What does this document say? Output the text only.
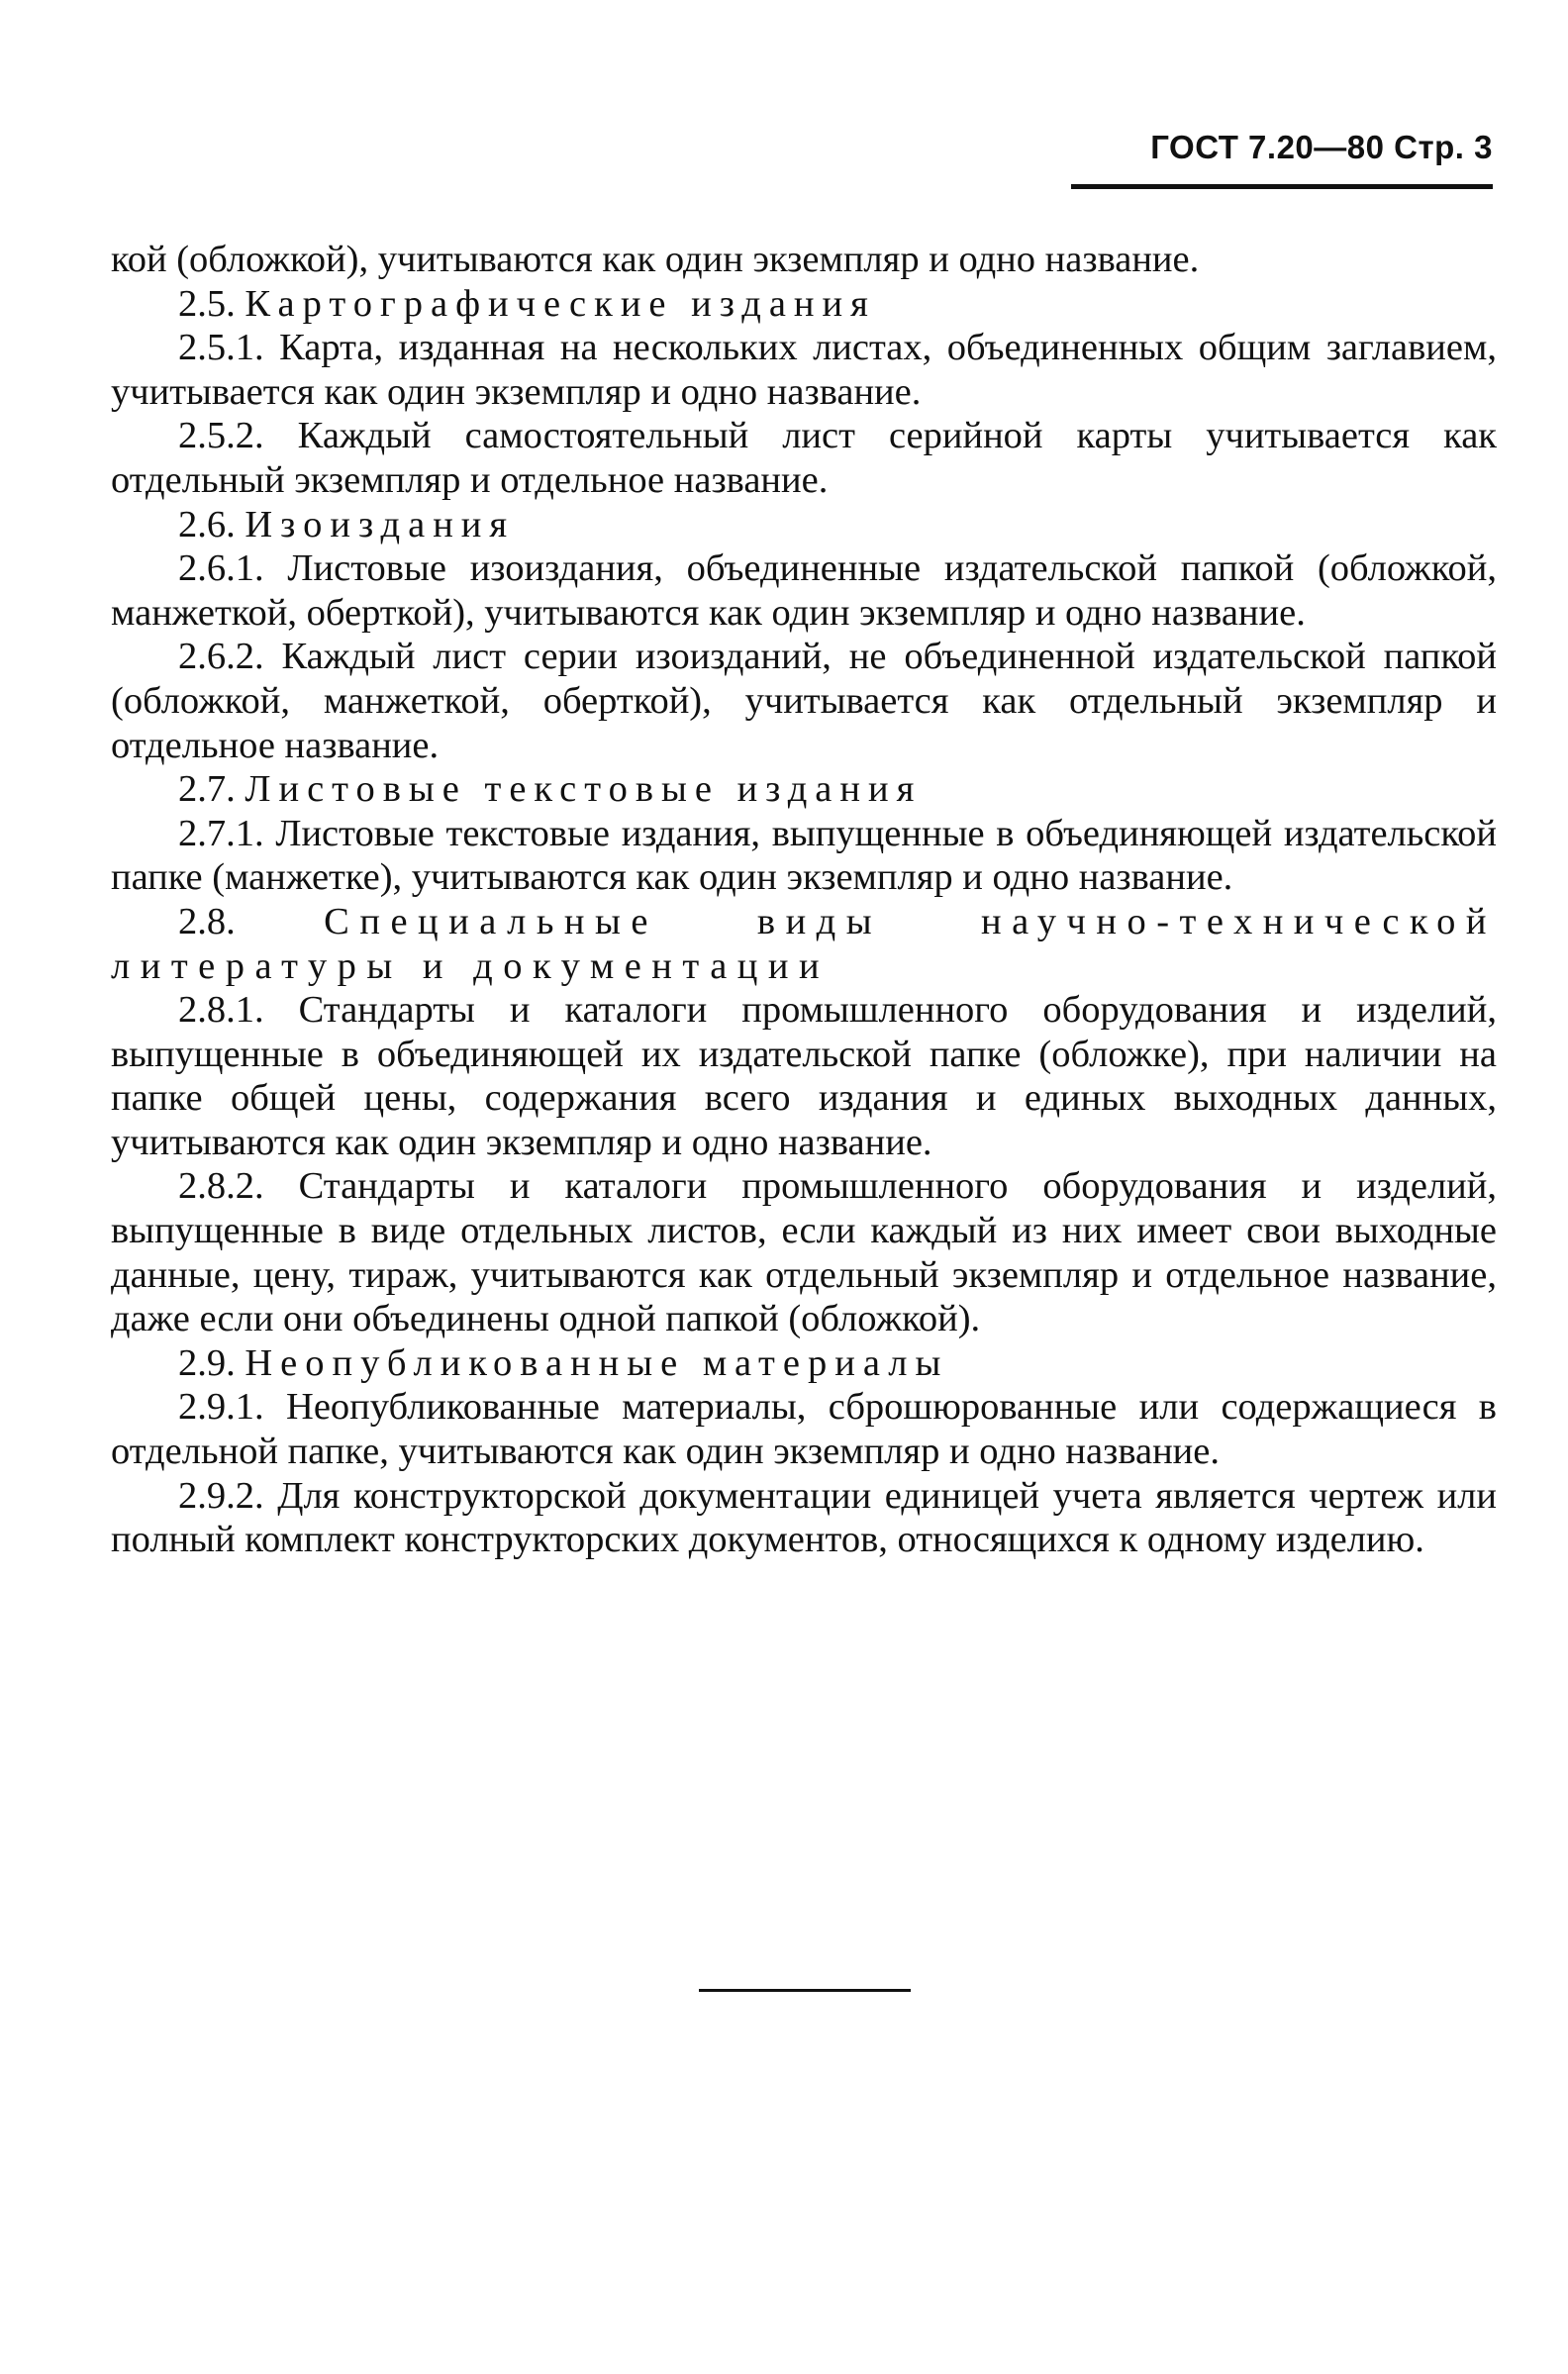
ГОСТ 7.20—80 Стр. 3

кой (обложкой), учитываются как один экземпляр и одно название.

2.5. Картографические издания

2.5.1. Карта, изданная на нескольких листах, объединенных общим заглавием, учитывается как один экземпляр и одно название.

2.5.2. Каждый самостоятельный лист серийной карты учитывается как отдельный экземпляр и отдельное название.

2.6. Изоиздания

2.6.1. Листовые изоиздания, объединенные издательской папкой (обложкой, манжеткой, оберткой), учитываются как один экземпляр и одно название.

2.6.2. Каждый лист серии изоизданий, не объединенной издательской папкой (обложкой, манжеткой, оберткой), учитывается как отдельный экземпляр и отдельное название.

2.7. Листовые текстовые издания

2.7.1. Листовые текстовые издания, выпущенные в объединяющей издательской папке (манжетке), учитываются как один экземпляр и одно название.

2.8. Специальные виды научно-технической литературы и документации

2.8.1. Стандарты и каталоги промышленного оборудования и изделий, выпущенные в объединяющей их издательской папке (обложке), при наличии на папке общей цены, содержания всего издания и единых выходных данных, учитываются как один экземпляр и одно название.

2.8.2. Стандарты и каталоги промышленного оборудования и изделий, выпущенные в виде отдельных листов, если каждый из них имеет свои выходные данные, цену, тираж, учитываются как отдельный экземпляр и отдельное название, даже если они объединены одной папкой (обложкой).

2.9. Неопубликованные материалы

2.9.1. Неопубликованные материалы, сброшюрованные или содержащиеся в отдельной папке, учитываются как один экземпляр и одно название.

2.9.2. Для конструкторской документации единицей учета является чертеж или полный комплект конструкторских документов, относящихся к одному изделию.
